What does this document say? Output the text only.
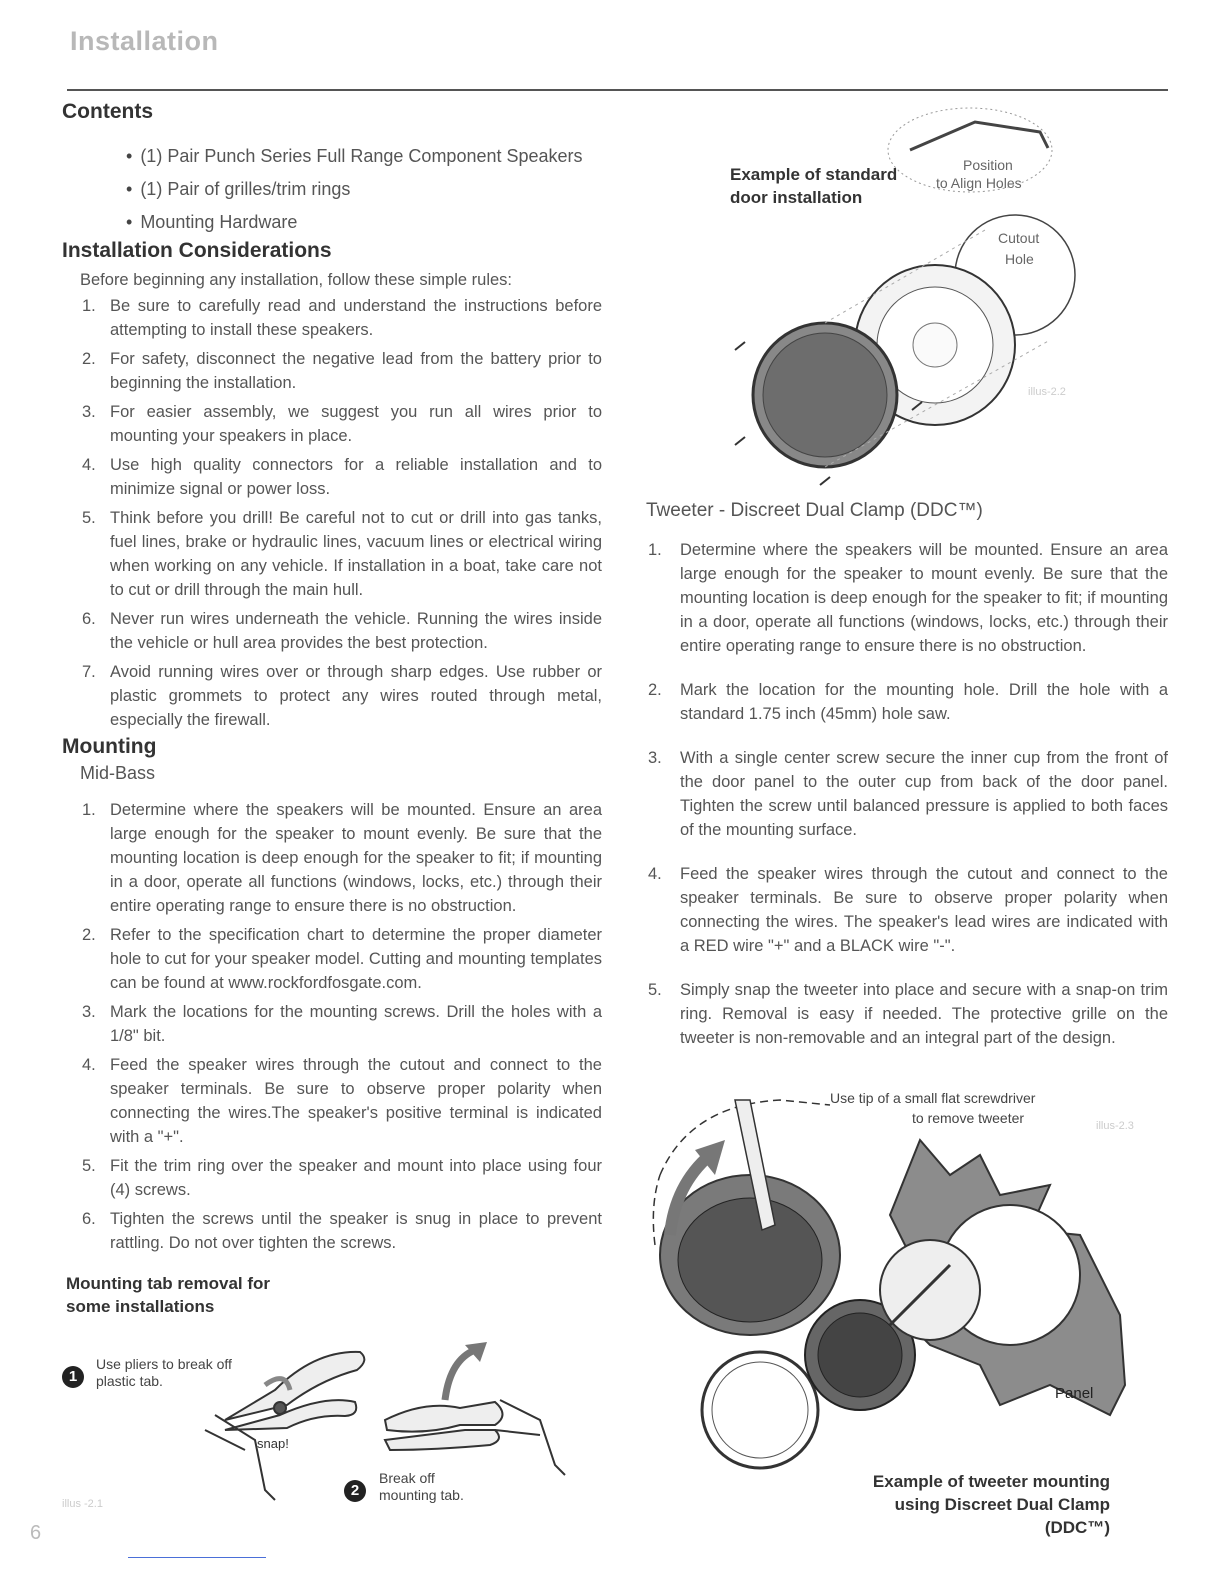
Installation
Contents
• (1) Pair Punch Series Full Range Component Speakers
• (1) Pair of grilles/trim rings
• Mounting Hardware
Installation Considerations
Before beginning any installation, follow these simple rules:
1. Be sure to carefully read and understand the instructions before attempting to install these speakers.
2. For safety, disconnect the negative lead from the battery prior to beginning the installation.
3. For easier assembly, we suggest you run all wires prior to mounting your speakers in place.
4. Use high quality connectors for a reliable installation and to minimize signal or power loss.
5. Think before you drill! Be careful not to cut or drill into gas tanks, fuel lines, brake or hydraulic lines, vacuum lines or electrical wiring when working on any vehicle. If installation in a boat, take care not to cut or drill through the main hull.
6. Never run wires underneath the vehicle. Running the wires inside the vehicle or hull area provides the best protection.
7. Avoid running wires over or through sharp edges. Use rubber or plastic grommets to protect any wires routed through metal, especially the firewall.
Mounting
Mid-Bass
1. Determine where the speakers will be mounted. Ensure an area large enough for the speaker to mount evenly. Be sure that the mounting location is deep enough for the speaker to fit; if mounting in a door, operate all functions (windows, locks, etc.) through their entire operating range to ensure there is no obstruction.
2. Refer to the specification chart to determine the proper diameter hole to cut for your speaker model. Cutting and mounting templates can be found at www.rockfordfosgate.com.
3. Mark the locations for the mounting screws. Drill the holes with a 1/8" bit.
4. Feed the speaker wires through the cutout and connect to the speaker terminals. Be sure to observe proper polarity when connecting the wires.The speaker's positive terminal is indicated with a "+".
5. Fit the trim ring over the speaker and mount into place using four (4) screws.
6. Tighten the screws until the speaker is snug in place to prevent rattling. Do not over tighten the screws.
Mounting tab removal for
some installations
1
Use pliers to break off
plastic tab.
snap!
2
Break off
mounting tab.
illus -2.1
Example of standard
door installation
Position
to Align Holes
Cutout
Hole
illus-2.2
Tweeter - Discreet Dual Clamp (DDC™)
1. Determine where the speakers will be mounted. Ensure an area large enough for the speaker to mount evenly. Be sure that the mounting location is deep enough for the speaker to fit; if mounting in a door, operate all functions (windows, locks, etc.) through their entire operating range to ensure there is no obstruction.
2. Mark the location for the mounting hole. Drill the hole with a standard 1.75 inch (45mm) hole saw.
3. With a single center screw secure the inner cup from the front of the door panel to the outer cup from back of the door panel. Tighten the screw until balanced pressure is applied to both faces of the mounting surface.
4. Feed the speaker wires through the cutout and connect to the speaker terminals. Be sure to observe proper polarity when connecting the wires. The speaker's lead wires are indicated with a RED wire "+" and a BLACK wire "-".
5. Simply snap the tweeter into place and secure with a snap-on trim ring. Removal is easy if needed. The protective grille on the tweeter is non-removable and an integral part of the design.
Use tip of a small flat screwdriver
to remove tweeter
Panel
illus-2.3
Example of tweeter mounting
using Discreet Dual Clamp (DDC™)
6
